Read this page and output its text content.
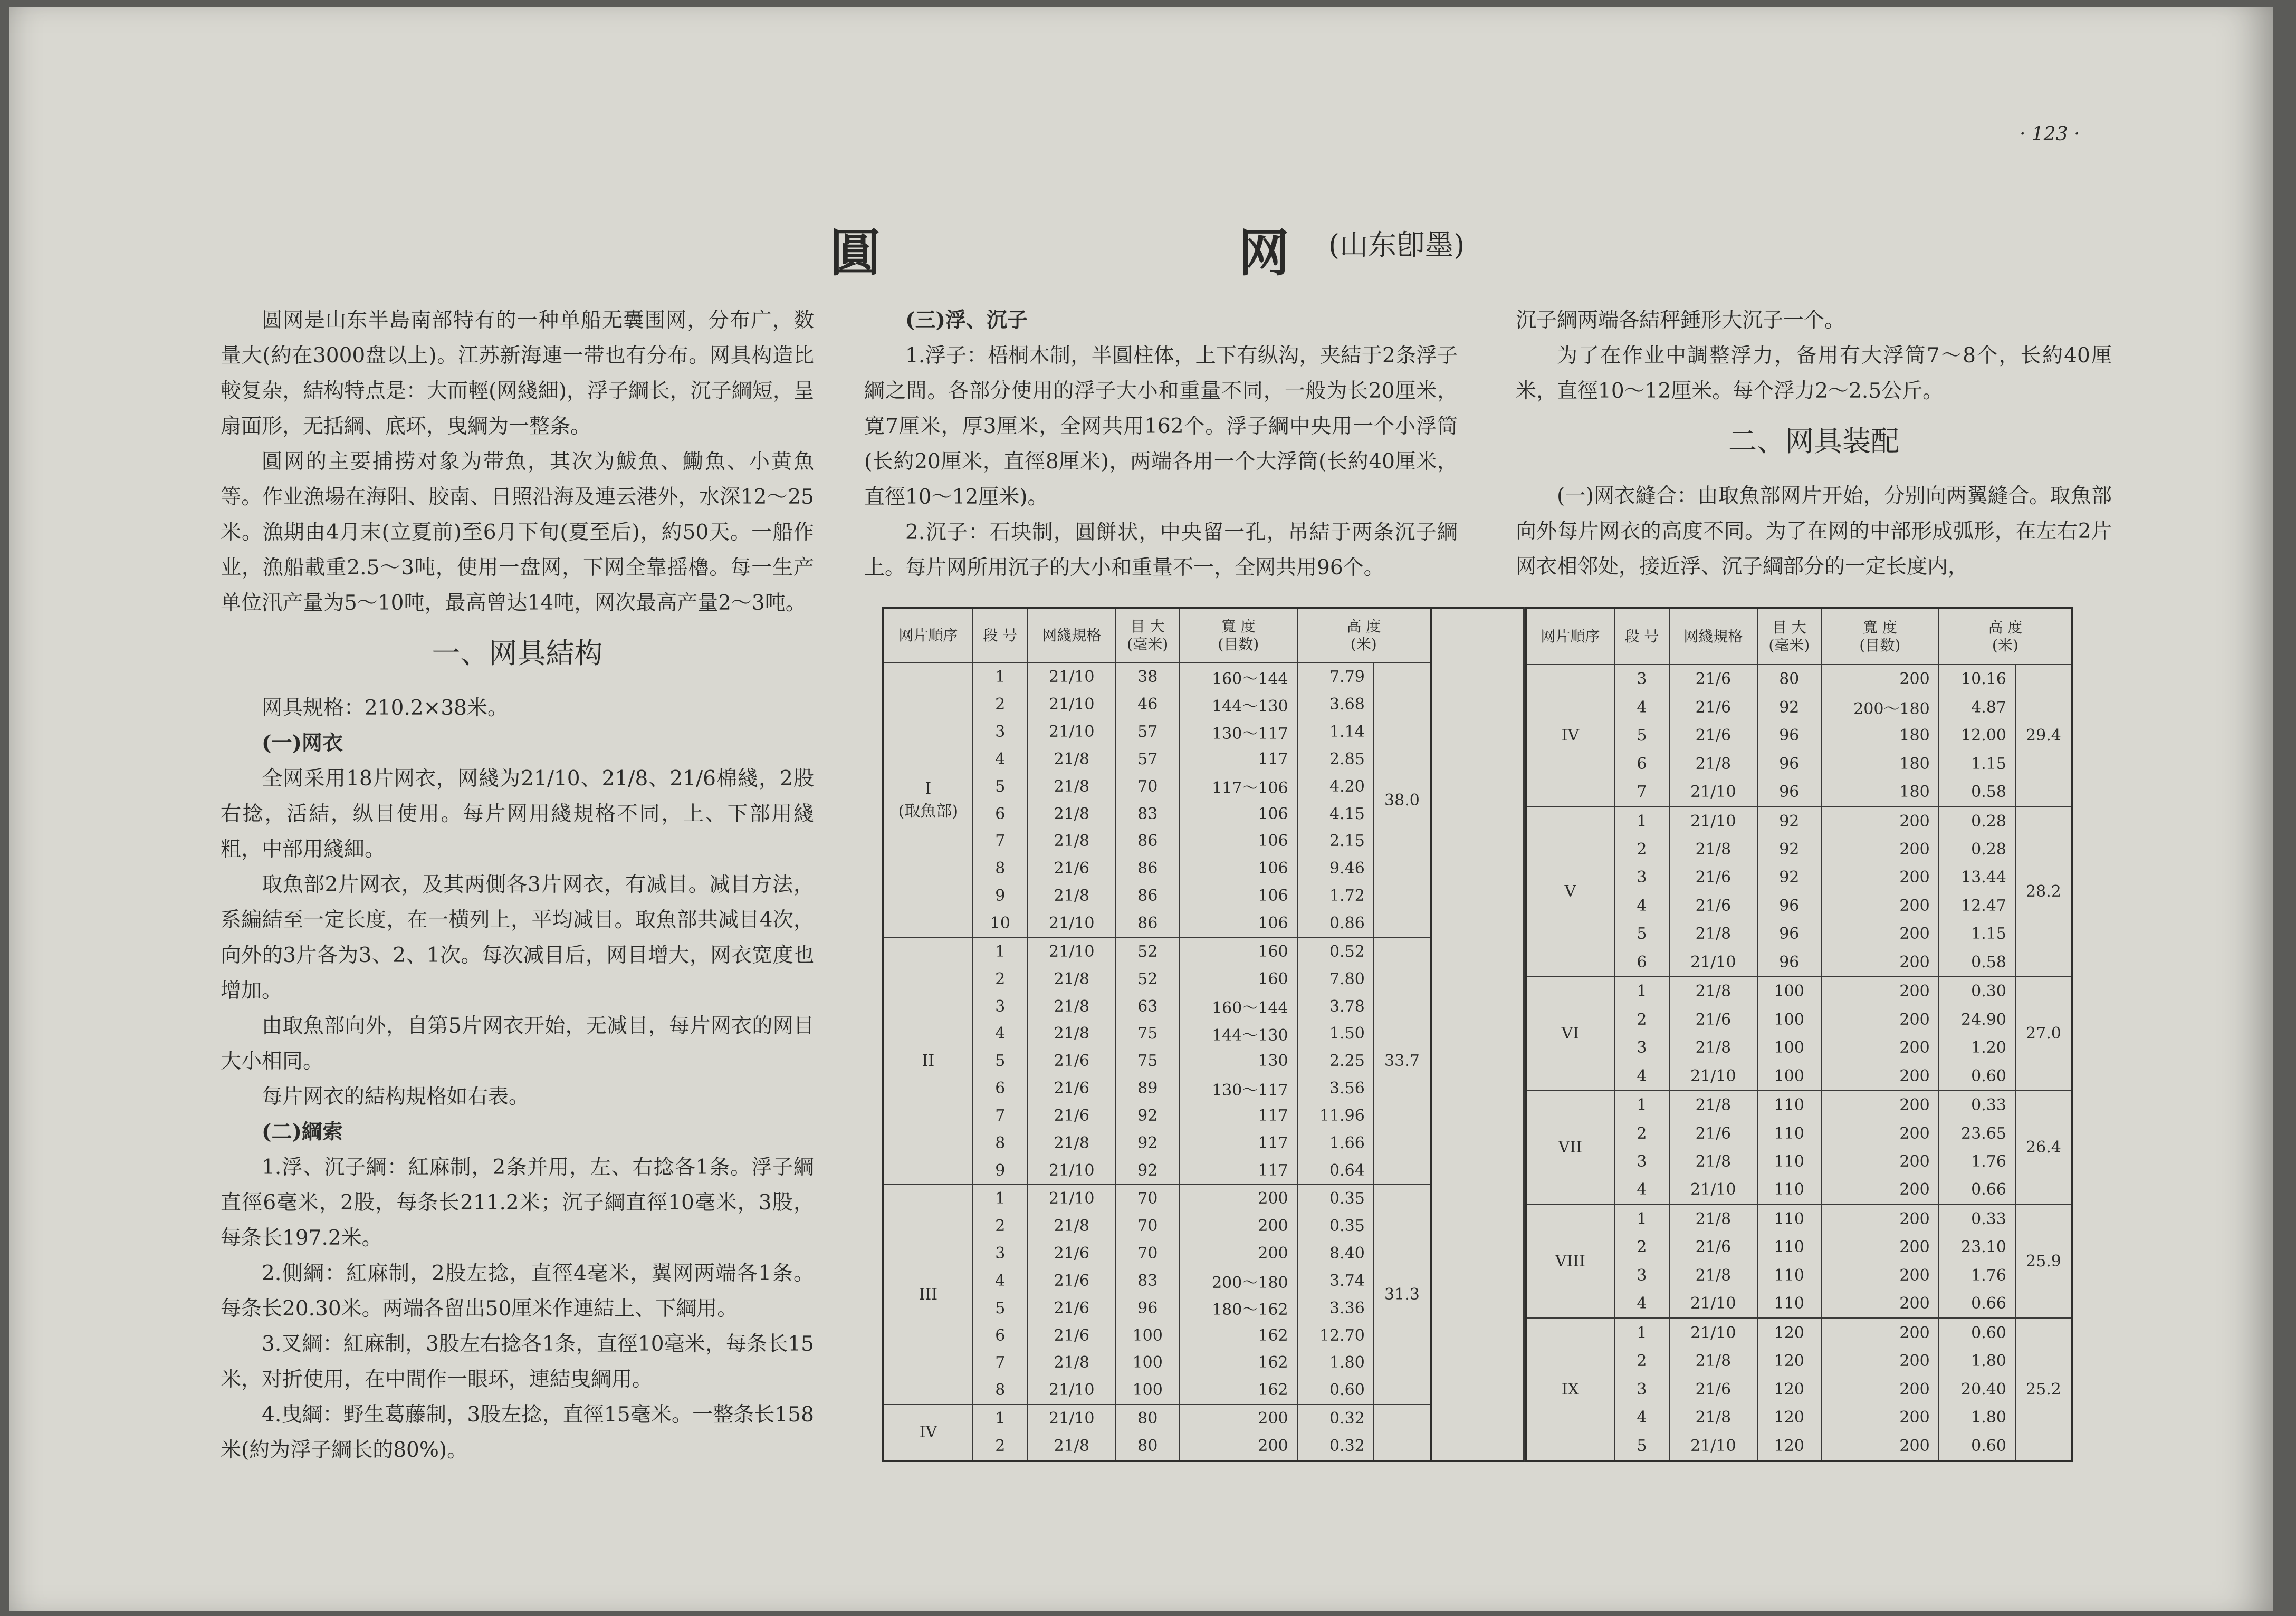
· 123 ·
圓	网 (山东卽墨)

圆网是山东半島南部特有的一种单船无囊围网，分布广，数量大(約在3000盘以上)。江苏新海連一带也有分布。网具构造比較复杂，結构特点是：大而輕(网綫細)，浮子綱长，沉子綱短，呈扇面形，无括綱、底环，曳綱为一整条。

圓网的主要捕捞对象为带魚，其次为鮁魚、鰳魚、小黄魚等。作业漁場在海阳、胶南、日照沿海及連云港外，水深12～25米。漁期由4月末(立夏前)至6月下旬(夏至后)，約50天。一船作业，漁船載重2.5～3吨，使用一盘网，下网全靠摇櫓。每一生产单位汛产量为5～10吨，最高曾达14吨，网次最高产量2～3吨。

一、网具結构

网具规格：210.2×38米。

(一)网衣

全网采用18片网衣，网綫为21/10、21/8、21/6棉綫，2股右捻，活結，纵目使用。每片网用綫規格不同，上、下部用綫粗，中部用綫細。

取魚部2片网衣，及其两側各3片网衣，有减目。减目方法，系編結至一定长度，在一横列上，平均减目。取魚部共减目4次，向外的3片各为3、2、1次。每次减目后，网目增大，网衣宽度也增加。

由取魚部向外，自第5片网衣开始，无减目，每片网衣的网目大小相同。

每片网衣的結构規格如右表。

(二)綱索

1.浮、沉子綱：紅麻制，2条并用，左、右捻各1条。浮子綱直徑6毫米，2股，每条长211.2米；沉子綱直徑10毫米，3股，每条长197.2米。

2.側綱：紅麻制，2股左捻，直徑4毫米，翼网两端各1条。每条长20.30米。两端各留出50厘米作連結上、下綱用。

3.叉綱：紅麻制，3股左右捻各1条，直徑10毫米，每条长15米，对折使用，在中間作一眼环，連結曳綱用。

4.曳綱：野生葛藤制，3股左捻，直徑15毫米。一整条长158米(約为浮子綱长的80%)。

(三)浮、沉子

1.浮子：梧桐木制，半圓柱体，上下有纵沟，夹結于2条浮子綱之間。各部分使用的浮子大小和重量不同，一般为长20厘米，寛7厘米，厚3厘米，全网共用162个。浮子綱中央用一个小浮筒(长約20厘米，直徑8厘米)，两端各用一个大浮筒(长約40厘米，直徑10～12厘米)。

2.沉子：石块制，圓餅状，中央留一孔，吊結于两条沉子綱上。每片网所用沉子的大小和重量不一，全网共用96个。

沉子綱两端各結秤錘形大沉子一个。

为了在作业中調整浮力，备用有大浮筒7～8个，长約40厘米，直徑10～12厘米。每个浮力2～2.5公斤。

二、网具装配

(一)网衣縫合：由取魚部网片开始，分别向两翼縫合。取魚部向外每片网衣的高度不同。为了在网的中部形成弧形，在左右2片网衣相邻处，接近浮、沉子綱部分的一定长度内，

网片順序	段 号	网綫規格	目 大
(毫米)	寬 度
(目数)	高 度
(米)	

I
(取魚部)	1	21/10	38	160～144	7.79	38.0
	2	21/10	46	144～130	3.68	
	3	21/10	57	130～117	1.14	
	4	21/8	57	117	2.85	
	5	21/8	70	117～106	4.20	
	6	21/8	83	106	4.15	
	7	21/8	86	106	2.15	
	8	21/6	86	106	9.46	
	9	21/8	86	106	1.72	
	10	21/10	86	106	0.86	

II	1	21/10	52	160	0.52	33.7
	2	21/8	52	160	7.80	
	3	21/8	63	160～144	3.78	
	4	21/8	75	144～130	1.50	
	5	21/6	75	130	2.25	
	6	21/6	89	130～117	3.56	
	7	21/6	92	117	11.96	
	8	21/8	92	117	1.66	
	9	21/10	92	117	0.64	

III	1	21/10	70	200	0.35	31.3
	2	21/8	70	200	0.35	
	3	21/6	70	200	8.40	
	4	21/6	83	200～180	3.74	
	5	21/6	96	180～162	3.36	
	6	21/6	100	162	12.70	
	7	21/8	100	162	1.80	
	8	21/10	100	162	0.60	

IV	1	21/10	80	200	0.32	
	2	21/8	80	200	0.32	
网片順序	段 号	网綫規格	目 大
(毫米)	寬 度
(目数)	高 度
(米)	

IV	3	21/6	80	200	10.16	29.4
	4	21/6	92	200～180	4.87	
	5	21/6	96	180	12.00	
	6	21/8	96	180	1.15	
	7	21/10	96	180	0.58	

V	1	21/10	92	200	0.28	28.2
	2	21/8	92	200	0.28	
	3	21/6	92	200	13.44	
	4	21/6	96	200	12.47	
	5	21/8	96	200	1.15	
	6	21/10	96	200	0.58	

VI	1	21/8	100	200	0.30	27.0
	2	21/6	100	200	24.90	
	3	21/8	100	200	1.20	
	4	21/10	100	200	0.60	

VII	1	21/8	110	200	0.33	26.4
	2	21/6	110	200	23.65	
	3	21/8	110	200	1.76	
	4	21/10	110	200	0.66	

VIII	1	21/8	110	200	0.33	25.9
	2	21/6	110	200	23.10	
	3	21/8	110	200	1.76	
	4	21/10	110	200	0.66	

IX	1	21/10	120	200	0.60	25.2
	2	21/8	120	200	1.80	
	3	21/6	120	200	20.40	
	4	21/8	120	200	1.80	
	5	21/10	120	200	0.60	
